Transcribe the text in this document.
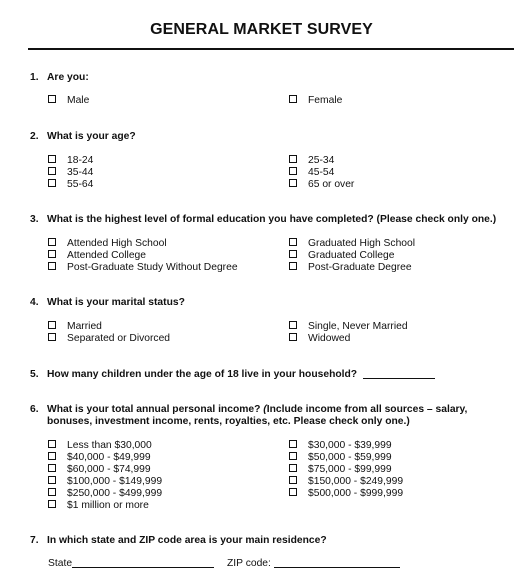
GENERAL MARKET SURVEY
1. Are you:
Male	Female
2. What is your age?
18-24
35-44
55-64
25-34
45-54
65 or over
3. What is the highest level of formal education you have completed? (Please check only one.)
Attended High School
Attended College
Post-Graduate Study Without Degree
Graduated High School
Graduated College
Post-Graduate Degree
4. What is your marital status?
Married
Separated or Divorced
Single, Never Married
Widowed
5. How many children under the age of 18 live in your household?
6. What is your total annual personal income? (Include income from all sources – salary,
bonuses, investment income, rents, royalties, etc. Please check only one.)
Less than $30,000
$40,000 - $49,999
$60,000 - $74,999
$100,000 - $149,999
$250,000 - $499,999
$1 million or more
$30,000 - $39,999
$50,000 - $59,999
$75,000 - $99,999
$150,000 - $249,999
$500,000 - $999,999
7. In which state and ZIP code area is your main residence?
State	ZIP code:
